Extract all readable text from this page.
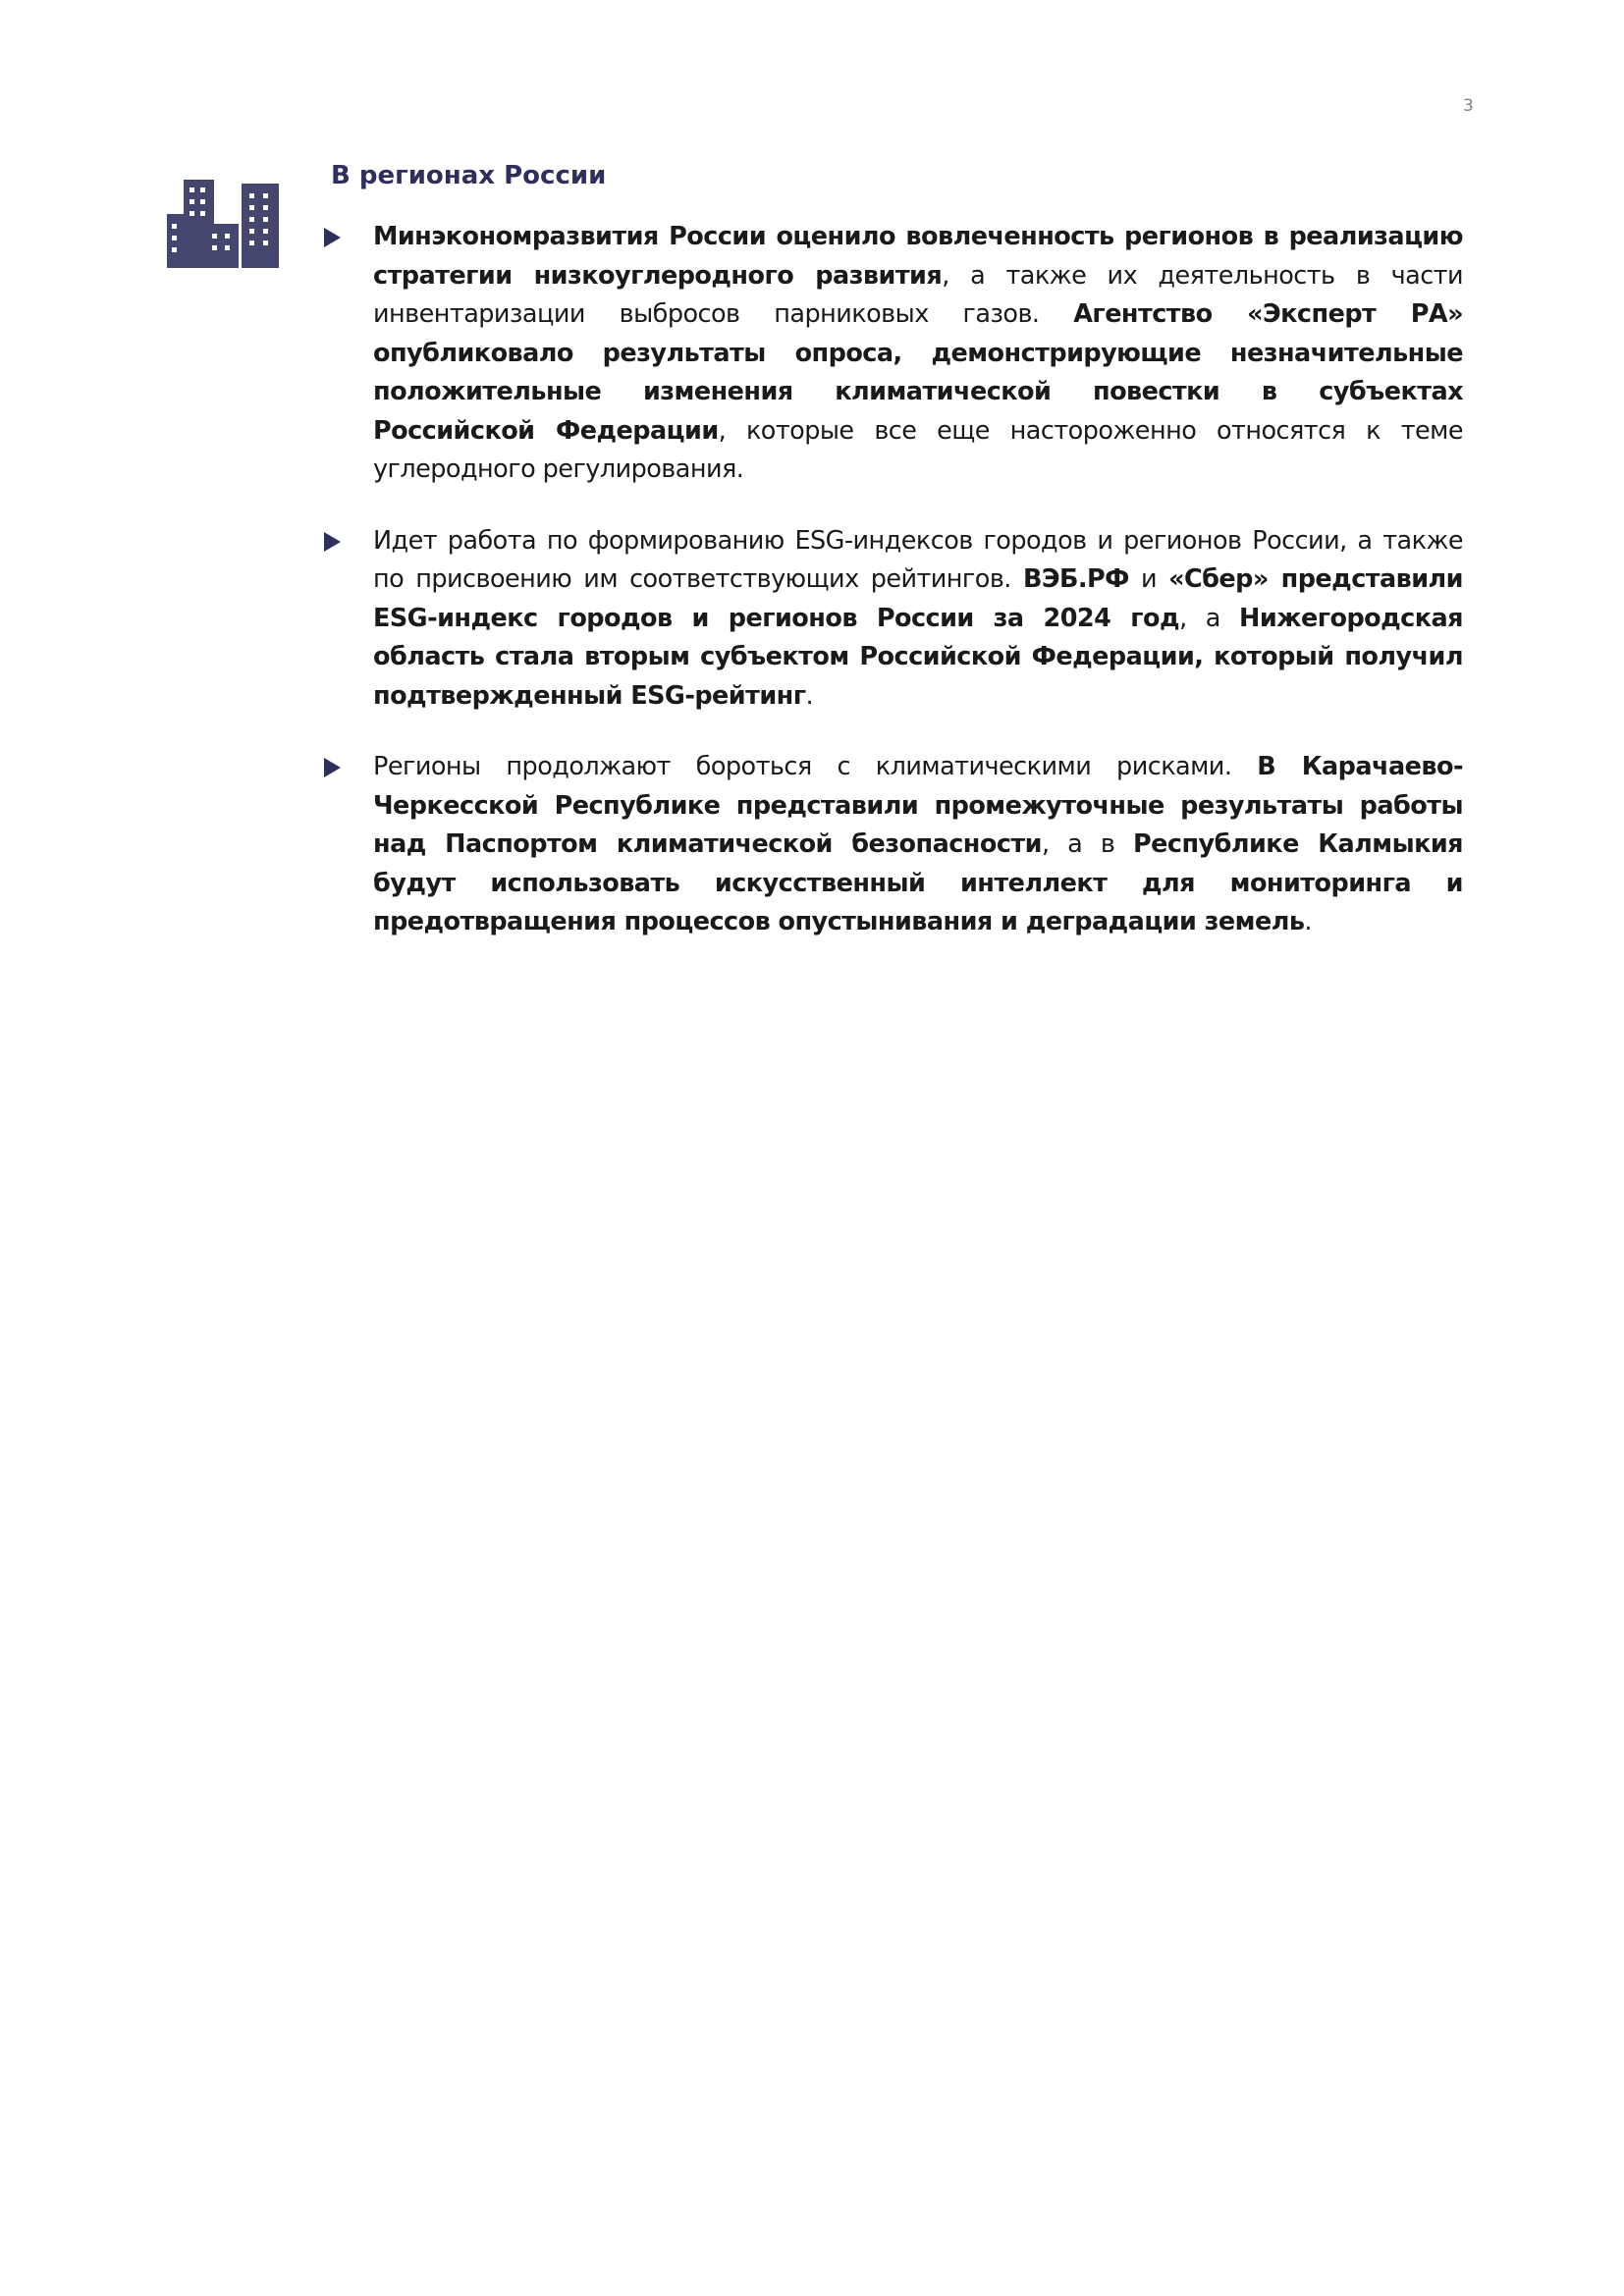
3
В регионах России

Минэкономразвития России оценило вовлеченность регионов в реализацию стратегии низкоуглеродного развития, а также их деятельность в части инвентаризации выбросов парниковых газов. Агентство «Эксперт РА» опубликовало результаты опроса, демонстрирующие незначительные положительные изменения климатической повестки в субъектах Российской Федерации, которые все еще настороженно относятся к теме углеродного регулирования.

Идет работа по формированию ESG-индексов городов и регионов России, а также по присвоению им соответствующих рейтингов. ВЭБ.РФ и «Сбер» представили ESG-индекс городов и регионов России за 2024 год, а Нижегородская область стала вторым субъектом Российской Федерации, который получил подтвержденный ESG-рейтинг.

Регионы продолжают бороться с климатическими рисками. В Карачаево-Черкесской Республике представили промежуточные результаты работы над Паспортом климатической безопасности, а в Республике Калмыкия будут использовать искусственный интеллект для мониторинга и предотвращения процессов опустынивания и деградации земель.
